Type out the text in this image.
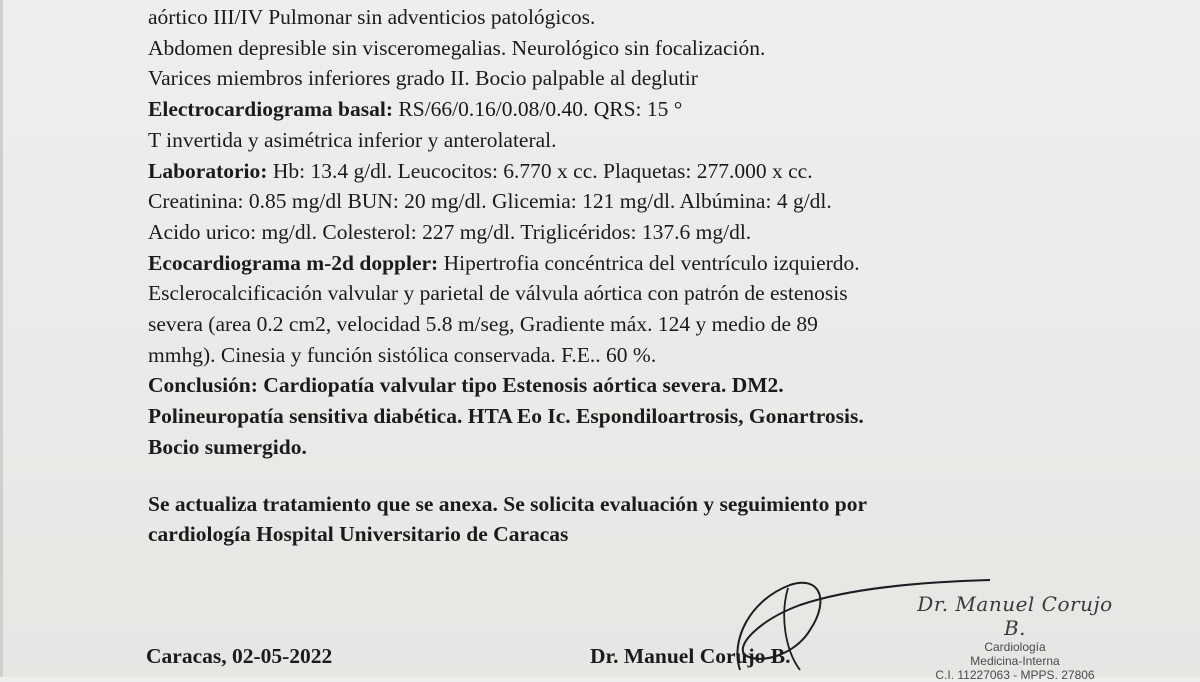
aórtico III/IV Pulmonar sin adventicios patológicos.
Abdomen depresible sin visceromegalias. Neurológico sin focalización.
Varices miembros inferiores grado II. Bocio palpable al deglutir
Electrocardiograma basal: RS/66/0.16/0.08/0.40. QRS: 15 °
T invertida y asimétrica inferior y anterolateral.
Laboratorio: Hb: 13.4 g/dl. Leucocitos: 6.770 x cc. Plaquetas: 277.000 x cc.
Creatinina: 0.85 mg/dl BUN: 20 mg/dl. Glicemia: 121 mg/dl. Albúmina: 4 g/dl.
Acido urico: mg/dl. Colesterol: 227 mg/dl. Triglicéridos: 137.6 mg/dl.
Ecocardiograma m-2d doppler: Hipertrofia concéntrica del ventrículo izquierdo.
Esclerocalcificación valvular y parietal de válvula aórtica con patrón de estenosis
severa (area 0.2 cm2, velocidad 5.8 m/seg, Gradiente máx. 124 y medio de 89
mmhg). Cinesia y función sistólica conservada. F.E.. 60 %.
Conclusión: Cardiopatía valvular tipo Estenosis aórtica severa. DM2.
Polineuropatía sensitiva diabética. HTA Eo Ic. Espondiloartrosis, Gonartrosis.
Bocio sumergido.
Se actualiza tratamiento que se anexa. Se solicita evaluación y seguimiento por
cardiología Hospital Universitario de Caracas
Caracas, 02-05-2022	Dr. Manuel Corujo B.
Dr. Manuel Corujo B.
Cardiología
Medicina-Interna
C.I. 11227063 - MPPS. 27806
